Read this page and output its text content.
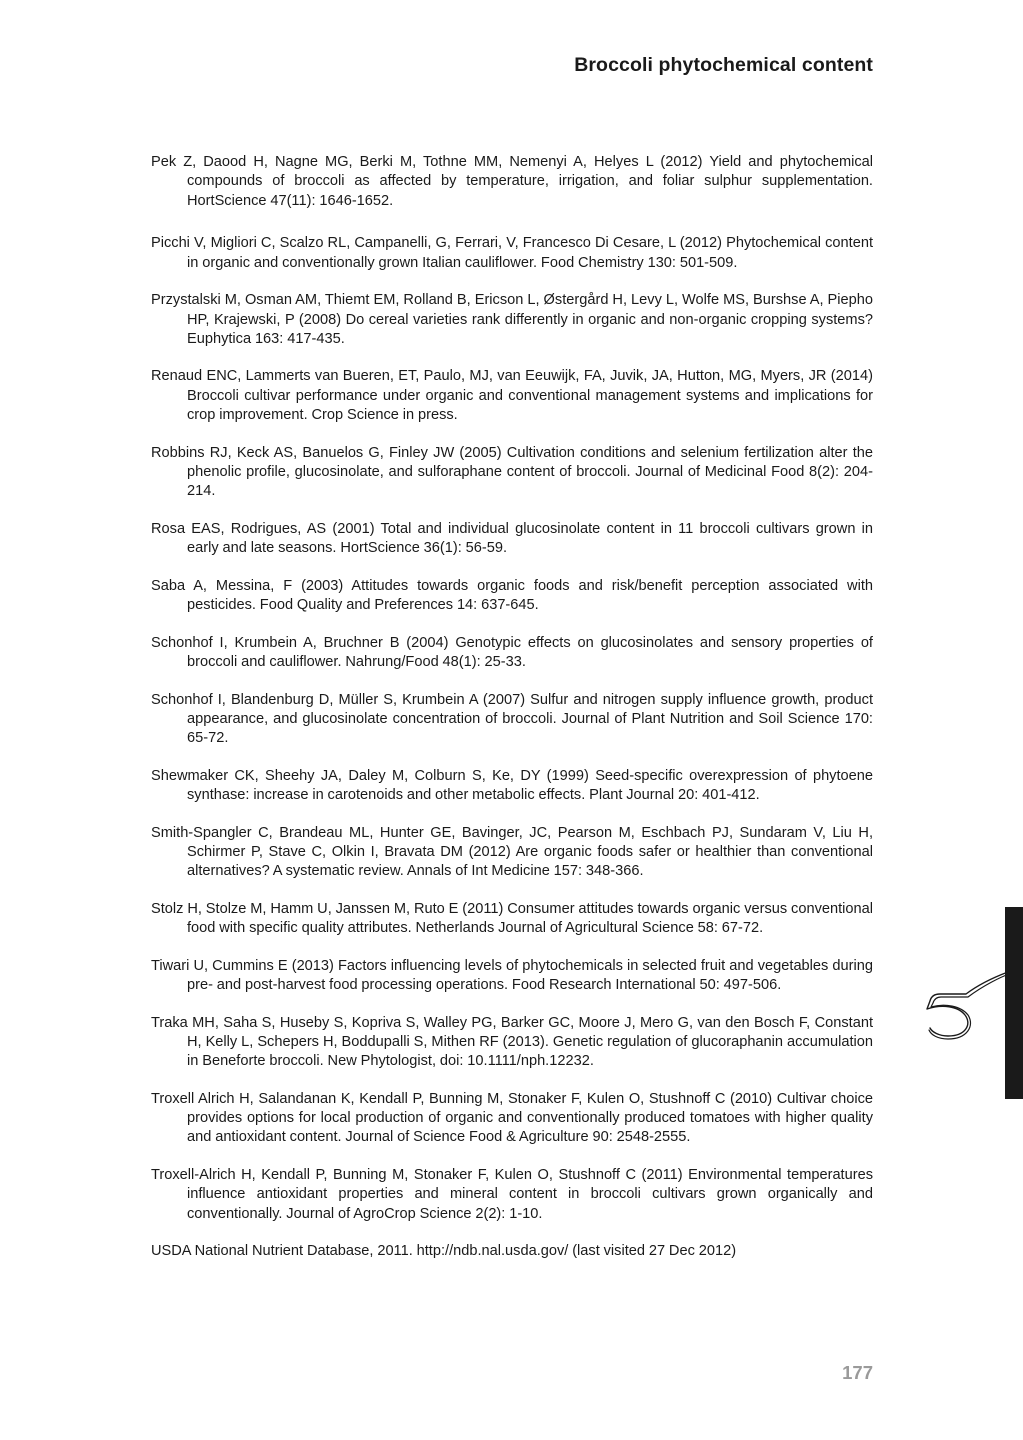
Broccoli phytochemical content
Pek Z, Daood H, Nagne MG, Berki M, Tothne MM, Nemenyi A, Helyes L (2012) Yield and phytochemical compounds of broccoli as affected by temperature, irrigation, and foliar sulphur supplementation. HortScience 47(11): 1646-1652.
Picchi V, Migliori C, Scalzo RL, Campanelli, G, Ferrari, V, Francesco Di Cesare, L (2012) Phytochemical content in organic and conventionally grown Italian cauliflower. Food Chemistry 130: 501-509.
Przystalski M, Osman AM, Thiemt EM, Rolland B, Ericson L, Østergård H, Levy L, Wolfe MS, Burshse A, Piepho HP, Krajewski, P (2008) Do cereal varieties rank differently in organic and non-organic cropping systems? Euphytica 163: 417-435.
Renaud ENC, Lammerts van Bueren, ET, Paulo, MJ, van Eeuwijk, FA, Juvik, JA, Hutton, MG, Myers, JR (2014) Broccoli cultivar performance under organic and conventional management systems and implications for crop improvement. Crop Science in press.
Robbins RJ, Keck AS, Banuelos G, Finley JW (2005) Cultivation conditions and selenium fertilization alter the phenolic profile, glucosinolate, and sulforaphane content of broccoli. Journal of Medicinal Food 8(2): 204-214.
Rosa EAS, Rodrigues, AS (2001) Total and individual glucosinolate content in 11 broccoli cultivars grown in early and late seasons. HortScience 36(1): 56-59.
Saba A, Messina, F (2003) Attitudes towards organic foods and risk/benefit perception associated with pesticides. Food Quality and Preferences 14: 637-645.
Schonhof I, Krumbein A, Bruchner B (2004) Genotypic effects on glucosinolates and sensory properties of broccoli and cauliflower. Nahrung/Food 48(1): 25-33.
Schonhof I, Blandenburg D, Müller S, Krumbein A (2007) Sulfur and nitrogen supply influence growth, product appearance, and glucosinolate concentration of broccoli. Journal of Plant Nutrition and Soil Science 170: 65-72.
Shewmaker CK, Sheehy JA, Daley M, Colburn S, Ke, DY (1999) Seed-specific overexpression of phytoene synthase: increase in carotenoids and other metabolic effects. Plant Journal 20: 401-412.
Smith-Spangler C, Brandeau ML, Hunter GE, Bavinger, JC, Pearson M, Eschbach PJ, Sundaram V, Liu H, Schirmer P, Stave C, Olkin I, Bravata DM (2012) Are organic foods safer or healthier than conventional alternatives? A systematic review. Annals of Int Medicine 157: 348-366.
Stolz H, Stolze M, Hamm U, Janssen M, Ruto E (2011) Consumer attitudes towards organic versus conventional food with specific quality attributes. Netherlands Journal of Agricultural Science 58: 67-72.
Tiwari U, Cummins E (2013) Factors influencing levels of phytochemicals in selected fruit and vegetables during pre- and post-harvest food processing operations. Food Research International 50: 497-506.
Traka MH, Saha S, Huseby S, Kopriva S, Walley PG, Barker GC, Moore J, Mero G, van den Bosch F, Constant H, Kelly L, Schepers H, Boddupalli S, Mithen RF (2013). Genetic regulation of glucoraphanin accumulation in Beneforte broccoli. New Phytologist, doi: 10.1111/nph.12232.
Troxell Alrich H, Salandanan K, Kendall P, Bunning M, Stonaker F, Kulen O, Stushnoff C (2010) Cultivar choice provides options for local production of organic and conventionally produced tomatoes with higher quality and antioxidant content. Journal of Science Food & Agriculture 90: 2548-2555.
Troxell-Alrich H, Kendall P, Bunning M, Stonaker F, Kulen O, Stushnoff C (2011) Environmental temperatures influence antioxidant properties and mineral content in broccoli cultivars grown organically and conventionally. Journal of AgroCrop Science 2(2): 1-10.
USDA National Nutrient Database, 2011. http://ndb.nal.usda.gov/ (last visited 27 Dec 2012)
177
